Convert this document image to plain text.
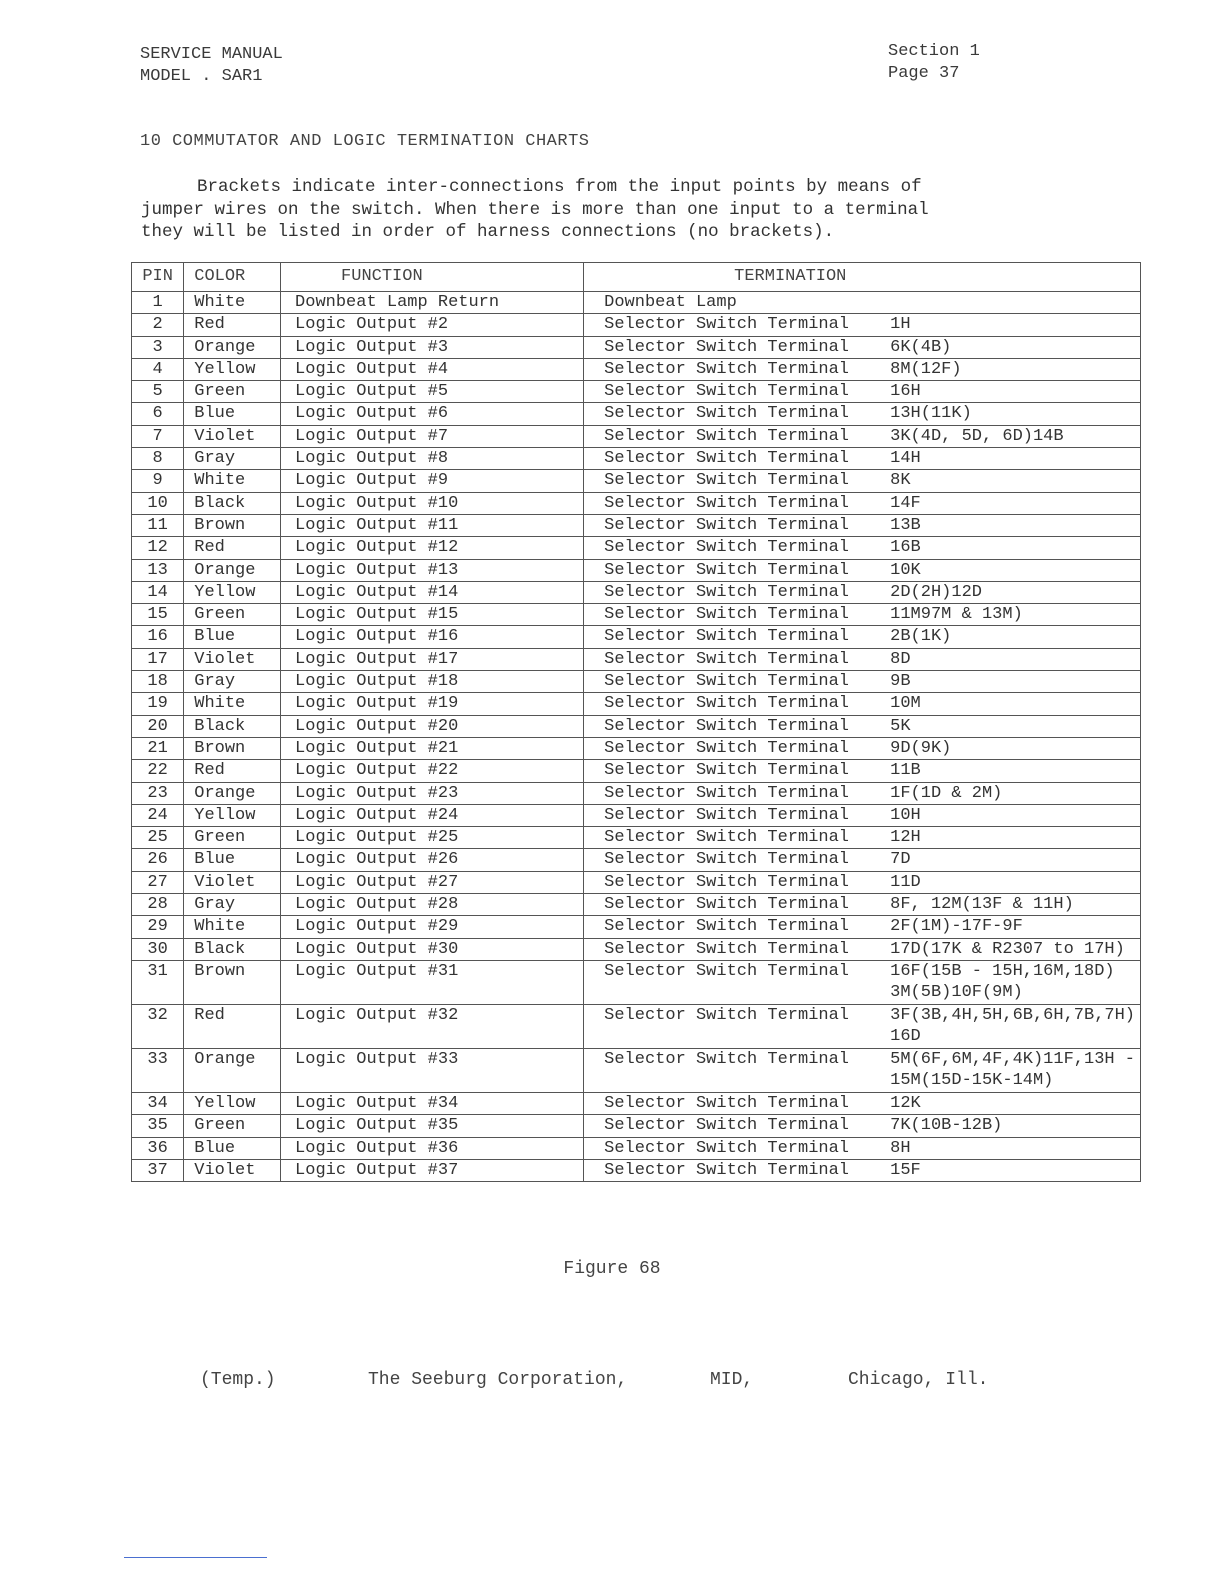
SERVICE MANUAL
MODEL . SAR1
Section 1
Page 37
10 COMMUTATOR AND LOGIC TERMINATION CHARTS

Brackets indicate inter-connections from the input points by means of

jumper wires on the switch. When there is more than one input to a terminal

they will be listed in order of harness connections (no brackets).

PIN	COLOR	FUNCTION	TERMINATION
1	White	Downbeat Lamp Return	Downbeat Lamp

2	Red	Logic Output #2	Selector Switch Terminal 1H

3	Orange	Logic Output #3	Selector Switch Terminal 6K(4B)

4	Yellow	Logic Output #4	Selector Switch Terminal 8M(12F)

5	Green	Logic Output #5	Selector Switch Terminal 16H

6	Blue	Logic Output #6	Selector Switch Terminal 13H(11K)

7	Violet	Logic Output #7	Selector Switch Terminal 3K(4D, 5D, 6D)14B

8	Gray	Logic Output #8	Selector Switch Terminal 14H

9	White	Logic Output #9	Selector Switch Terminal 8K

10	Black	Logic Output #10	Selector Switch Terminal 14F

11	Brown	Logic Output #11	Selector Switch Terminal 13B

12	Red	Logic Output #12	Selector Switch Terminal 16B

13	Orange	Logic Output #13	Selector Switch Terminal 10K

14	Yellow	Logic Output #14	Selector Switch Terminal 2D(2H)12D

15	Green	Logic Output #15	Selector Switch Terminal 11M97M & 13M)

16	Blue	Logic Output #16	Selector Switch Terminal 2B(1K)

17	Violet	Logic Output #17	Selector Switch Terminal 8D

18	Gray	Logic Output #18	Selector Switch Terminal 9B

19	White	Logic Output #19	Selector Switch Terminal 10M

20	Black	Logic Output #20	Selector Switch Terminal 5K

21	Brown	Logic Output #21	Selector Switch Terminal 9D(9K)

22	Red	Logic Output #22	Selector Switch Terminal 11B

23	Orange	Logic Output #23	Selector Switch Terminal 1F(1D & 2M)

24	Yellow	Logic Output #24	Selector Switch Terminal 10H

25	Green	Logic Output #25	Selector Switch Terminal 12H

26	Blue	Logic Output #26	Selector Switch Terminal 7D

27	Violet	Logic Output #27	Selector Switch Terminal 11D

28	Gray	Logic Output #28	Selector Switch Terminal 8F, 12M(13F & 11H)

29	White	Logic Output #29	Selector Switch Terminal 2F(1M)-17F-9F

30	Black	Logic Output #30	Selector Switch Terminal 17D(17K & R2307 to 17H)

31	Brown	Logic Output #31	Selector Switch Terminal 16F(15B - 15H,16M,18D) 3M(5B)10F(9M)

32	Red	Logic Output #32	Selector Switch Terminal 3F(3B,4H,5H,6B,6H,7B,7H) 16D

33	Orange	Logic Output #33	Selector Switch Terminal 5M(6F,6M,4F,4K)11F,13H - 15M(15D-15K-14M)

34	Yellow	Logic Output #34	Selector Switch Terminal 12K

35	Green	Logic Output #35	Selector Switch Terminal 7K(10B-12B)

36	Blue	Logic Output #36	Selector Switch Terminal 8H

37	Violet	Logic Output #37	Selector Switch Terminal 15F
Figure 68
(Temp.)	The Seeburg Corporation,	MID,	Chicago, Ill.
